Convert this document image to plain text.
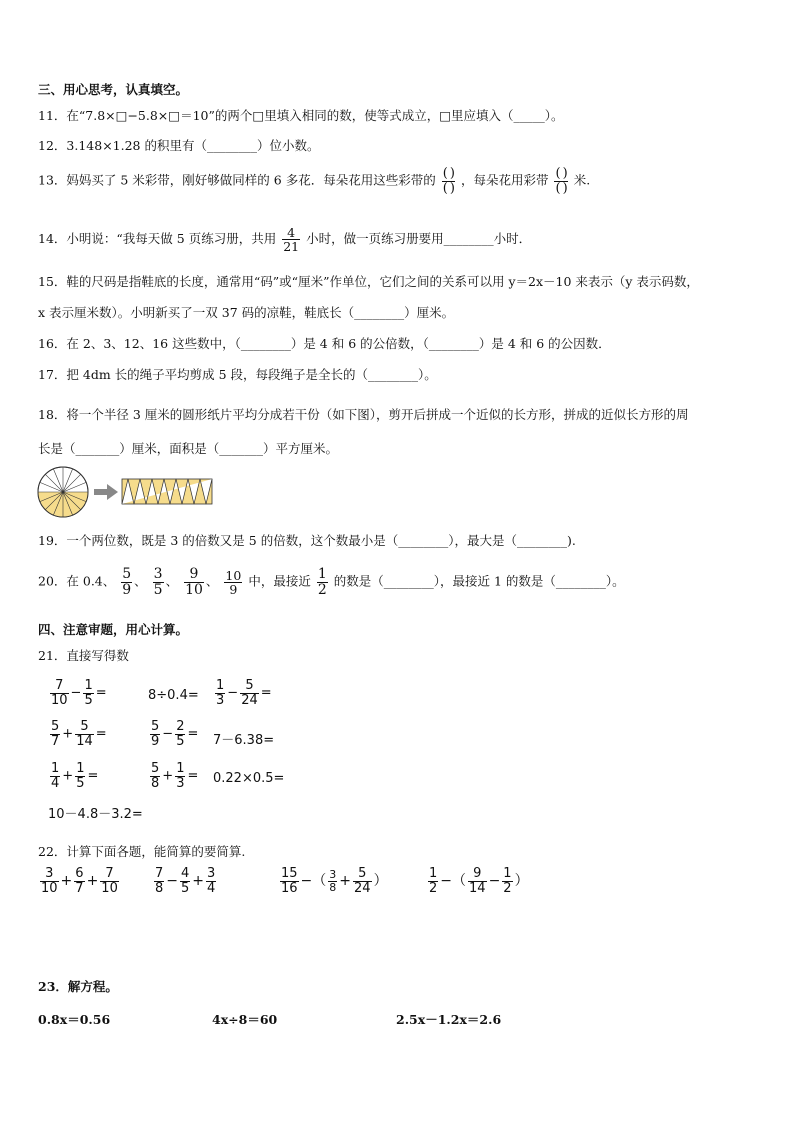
三、用心思考，认真填空。
11．在“7.8×□−5.8×□＝10”的两个□里填入相同的数，使等式成立，□里应填入（_____）。
12．3.148×1.28 的积里有（________）位小数。
13．妈妈买了 5 米彩带，刚好够做同样的 6 多花．每朵花用这些彩带的 $\frac{( )}{( )}$ ，每朵花用彩带 $\frac{( )}{( )}$ 米.
14．小明说：“我每天做 5 页练习册，共用 $\frac{4}{21}$ 小时，做一页练习册要用________小时．
15．鞋的尺码是指鞋底的长度，通常用“码”或“厘米”作单位，它们之间的关系可以用 y＝2x－10 来表示（y 表示码数，
x 表示厘米数）。小明新买了一双 37 码的凉鞋，鞋底长（________）厘米。
16．在 2、3、12、16 这些数中，（________）是 4 和 6 的公倍数，（________）是 4 和 6 的公因数．
17．把 4dm 长的绳子平均剪成 5 段，每段绳子是全长的（________）。
18．将一个半径 3 厘米的圆形纸片平均分成若干份（如下图），剪开后拼成一个近似的长方形，拼成的近似长方形的周
长是（_______）厘米，面积是（_______）平方厘米。
19．一个两位数，既是 3 的倍数又是 5 的倍数，这个数最小是（________），最大是（________).
20．在 0.4、 $\frac{5}{9}$ 、 $\frac{3}{5}$ 、 $\frac{9}{10}$ 、 $\frac{10}{9}$ 中，最接近 $\frac{1}{2}$ 的数是（________），最接近 1 的数是（________）。
四、注意审题，用心计算。
21．直接写得数
$\frac{7}{10} - \frac{1}{5}$ =	$8\div 0.4= \frac{1}{3} - \frac{5}{24}$ =
$\frac{5}{7} + \frac{5}{14}$ =	$\frac{5}{9} - \frac{2}{5} = 7-6.38=$
$\frac{1}{4} + \frac{1}{5}$ =	$\frac{5}{8} + \frac{1}{3} = 0.22\times 0.5=$
10－4.8－3.2=
22．计算下面各题，能简算的要简算.
$\frac{3}{10} + \frac{6}{7} + \frac{7}{10}$	$\frac{7}{8} - \frac{4}{5} + \frac{3}{4}$	$\frac{15}{16}$ −（ $\frac{3}{8} + \frac{5}{24}$ ）	$\frac{1}{2}$ −（ $\frac{9}{14} - \frac{1}{2}$ ）
23．解方程。
0.8x＝0.56	4x÷8＝60	2.5x－1.2x＝2.6
